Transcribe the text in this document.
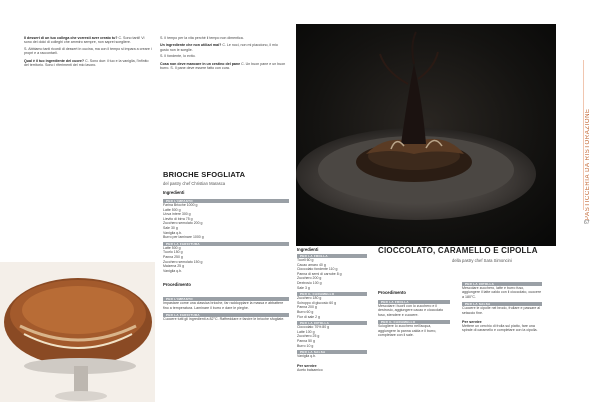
Il dessert di un tuo collega che vorresti aver creato tu? C. Sono tanti! Vi sono dei dolci di colleghi che ammiro sempre, non saprei scegliere.
S. Abbiamo tanti ricordi di dessert in cucina, ma con il tempo si impara a creare i propri e a raccontarli.
Qual è il tuo ingrediente del cuore? C. Sono due: il tuo e la vaniglia, l'infinito del territorio. Sono i riferimenti del mio lavoro.
S. Il tempo per la vita perché il tempo non dimentica.
Un ingrediente che non utilizzi mai? C. Le noci, non mi piacciono, il mio gusto non le sceglie.
S. Il fondente, lo evito.
Cosa non deve mancare in un cestino del pane C. Un buon pane e un buon burro. S. Il pane deve essere fatto con cura.
67
PASTICCERIA DA RISTORAZIONE
BRIOCHE SFOGLIATA
del pastry chef Christian Marasca
Ingredienti
PER L'IMPASTO
Farina Brioche 1000 g
Latte 500 g
Uova intere 300 g
Lievito di birra 75 g
Zucchero semolato 200 g
Sale 30 g
Vaniglia q.b.
Burro per laminare 1000 g
PER LA FARCITURA
Latte 500 g
Tuorlo 150 g
Panna 250 g
Zucchero semolato 150 g
Maizena 25 g
Vaniglia q.b.
Procedimento
PER L'IMPASTO
Impastare come una classica brioche, far raddoppiare la massa e abbattere fino a temperatura. Laminare il burro e dare le pieghe.
PER LA FARCITURA
Cuocere tutti gli ingredienti a 82°C. Raffreddare e farcire le brioche sfogliate.
Ingredienti
PER LA FROLLA
Tuorli 60 g
Cacao amaro 40 g
Cioccolato fondente 110 g
Panna di semi di carrube 8 g
Zucchero 200 g
Dextrosio 100 g
Sale 3 g
PER IL CARAMELLO
Zucchero 180 g
Sciroppo di glucosio 60 g
Panna 200 g
Burro 60 g
Fior di sale 2 g
PER LA CIPOLLA
Cioccolato 70% 80 g
Latte 100 g
Zucchero 25 g
Panna 50 g
Burro 10 g
PER LA SALSA
Vaniglia q.b.
Per servire
Aceto balsamico
CIOCCOLATO, CARAMELLO E CIPOLLA
della pastry chef Sara Simoncini
Procedimento
PER LA FROLLA
Mescolare i tuorli con lo zucchero e il destrosio, aggiungere cacao e cioccolato fuso, stendere e cuocere.
PER IL CARAMELLO
Sciogliere lo zucchero nell'acqua, aggiungere la panna calda e il burro, completare con il sale.
PER LA CIPOLLA
Mescolare zucchero, latte e burro fuso, aggiungere il latte caldo con il cioccolato, cuocere a 180°C.
PER LA SALSA
Cuocere le cipolle nel brodo, frullare e passare al setaccio fine.
Per servire
Mettere un cerchio di frolla sul piatto, fare una spirale di caramello e completare con la cipolla.
